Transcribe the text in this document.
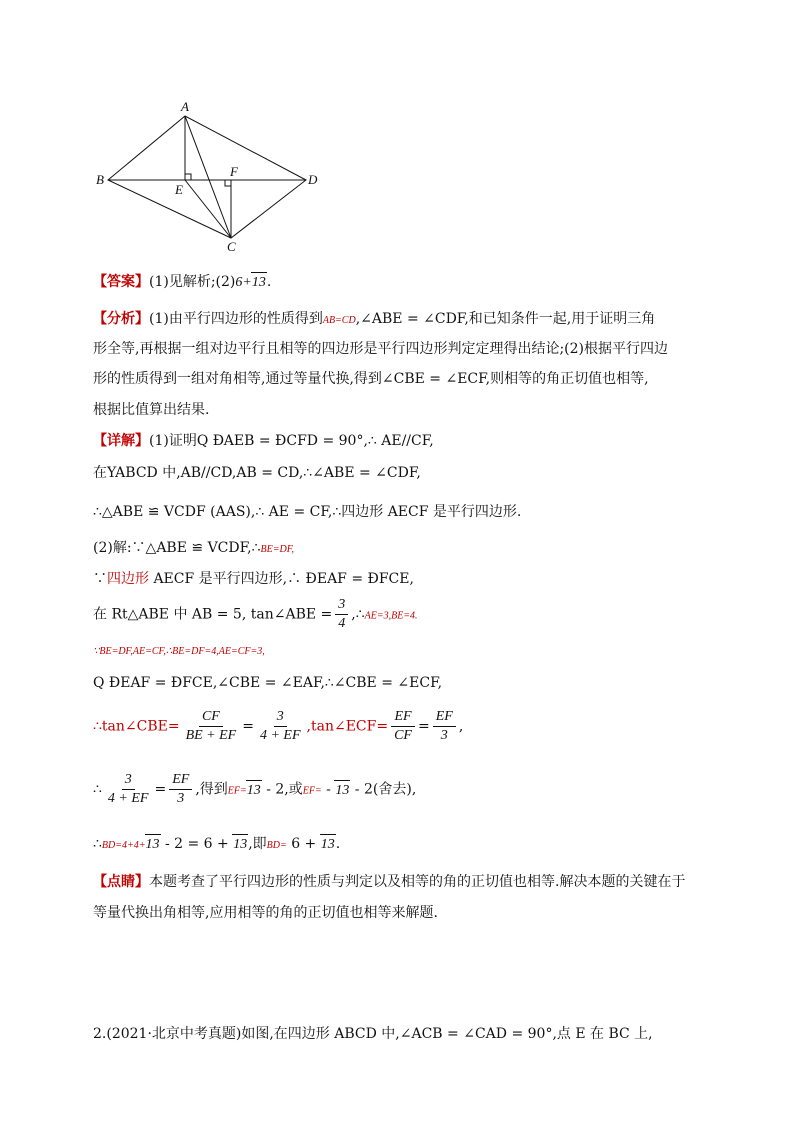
A
B
E
F
D
C
【答案】(1)见解析;(2)6+13.
【分析】(1)由平行四边形的性质得到AB=CD,∠ABE = ∠CDF,和已知条件一起,用于证明三角
形全等,再根据一组对边平行且相等的四边形是平行四边形判定定理得出结论;(2)根据平行四边
形的性质得到一组对角相等,通过等量代换,得到∠CBE = ∠ECF,则相等的角正切值也相等,
根据比值算出结果.
【详解】(1)证明Q ÐAEB = ÐCFD = 90°,∴ AE//CF,
在YABCD 中,AB//CD,AB = CD,∴∠ABE = ∠CDF,
∴△ABE ≌ VCDF (AAS),∴ AE = CF,∴四边形 AECF 是平行四边形.
(2)解:∵△ABE ≌ VCDF,∴BE=DF,
∵四边形 AECF 是平行四边形,∴ ÐEAF = ÐFCE,
在 Rt△ABE 中 AB = 5, tan∠ABE = $\frac{3}{4}$ ,∴AE=3,BE=4.
∵BE=DF,AE=CF,∴BE=DF=4,AE=CF=3,
Q ÐEAF = ÐFCE,∠CBE = ∠EAF,∴∠CBE = ∠ECF,
∴tan∠CBE= $\frac{CF}{BE + EF} = \frac{3}{4 + EF}$ ,tan∠ECF= $\frac{EF}{CF} = \frac{EF}{3}$ ,
∴ $\frac{3}{4 + EF} = \frac{EF}{3}$ ,得到EF=13 - 2,或EF= - 13 - 2(舍去),
∴BD=4+4+13 - 2 = 6 + 13,即BD= 6 + 13.
【点睛】本题考查了平行四边形的性质与判定以及相等的角的正切值也相等.解决本题的关键在于
等量代换出角相等,应用相等的角的正切值也相等来解题.
2.(2021·北京中考真题)如图,在四边形 ABCD 中,∠ACB = ∠CAD = 90°,点 E 在 BC 上,
